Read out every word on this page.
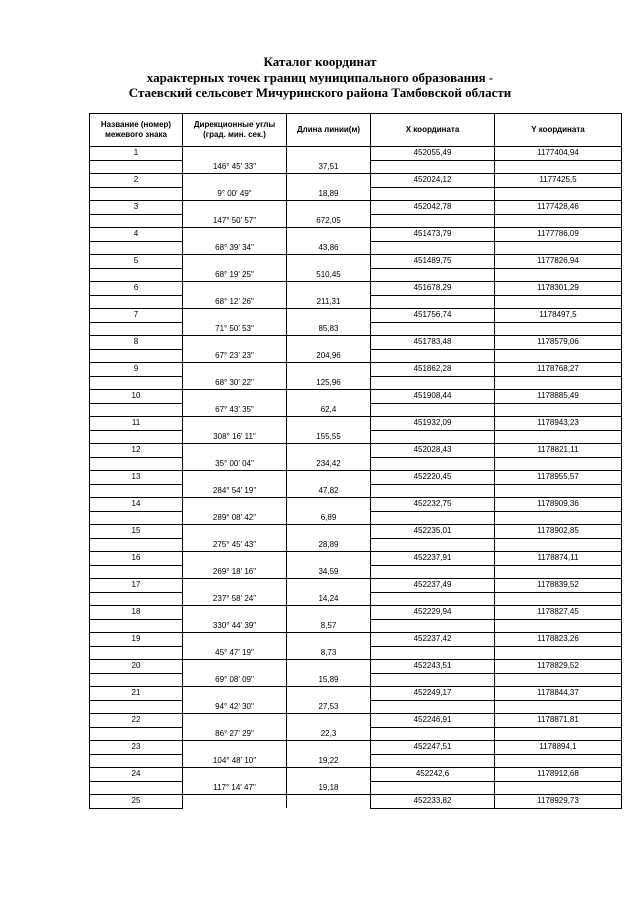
Каталог координат
характерных точек границ муниципального образования -
Стаевский сельсовет Мичуринского района Тамбовской области
Название (номер) межевого знака	Дирекционные углы (град. мин. сек.)	Длина линии(м)	X координата	Y координата
1			452055,49	1177404,94
	146° 45' 33"	37,51		
2			452024,12	1177425,5
	9° 00' 49"	18,89		
3			452042,78	1177428,46
	147° 50' 57"	672,05		
4			451473,79	1177786,09
	68° 39' 34"	43,86		
5			451489,75	1177826,94
	68° 19' 25"	510,45		
6			451678,29	1178301,29
	68° 12' 26"	211,31		
7			451756,74	1178497,5
	71° 50' 53"	85,83		
8			451783,48	1178579,06
	67° 23' 23"	204,96		
9			451862,28	1178768,27
	68° 30' 22"	125,96		
10			451908,44	1178885,49
	67° 43' 35"	62,4		
11			451932,09	1178943,23
	308° 16' 11"	155,55		
12			452028,43	1178821,11
	35° 00' 04"	234,42		
13			452220,45	1178955,57
	284° 54' 19"	47,82		
14			452232,75	1178909,36
	289° 08' 42"	6,89		
15			452235,01	1178902,85
	275° 45' 43"	28,89		
16			452237,91	1178874,11
	269° 18' 16"	34,59		
17			452237,49	1178839,52
	237° 58' 24"	14,24		
18			452229,94	1178827,45
	330° 44' 39"	8,57		
19			452237,42	1178823,26
	45° 47' 19"	8,73		
20			452243,51	1178829,52
	69° 08' 09"	15,89		
21			452249,17	1178844,37
	94° 42' 30"	27,53		
22			452246,91	1178871,81
	86° 27' 29"	22,3		
23			452247,51	1178894,1
	104° 48' 10"	19,22		
24			452242,6	1178912,68
	117° 14' 47"	19,18		
25			452233,82	1178929,73
